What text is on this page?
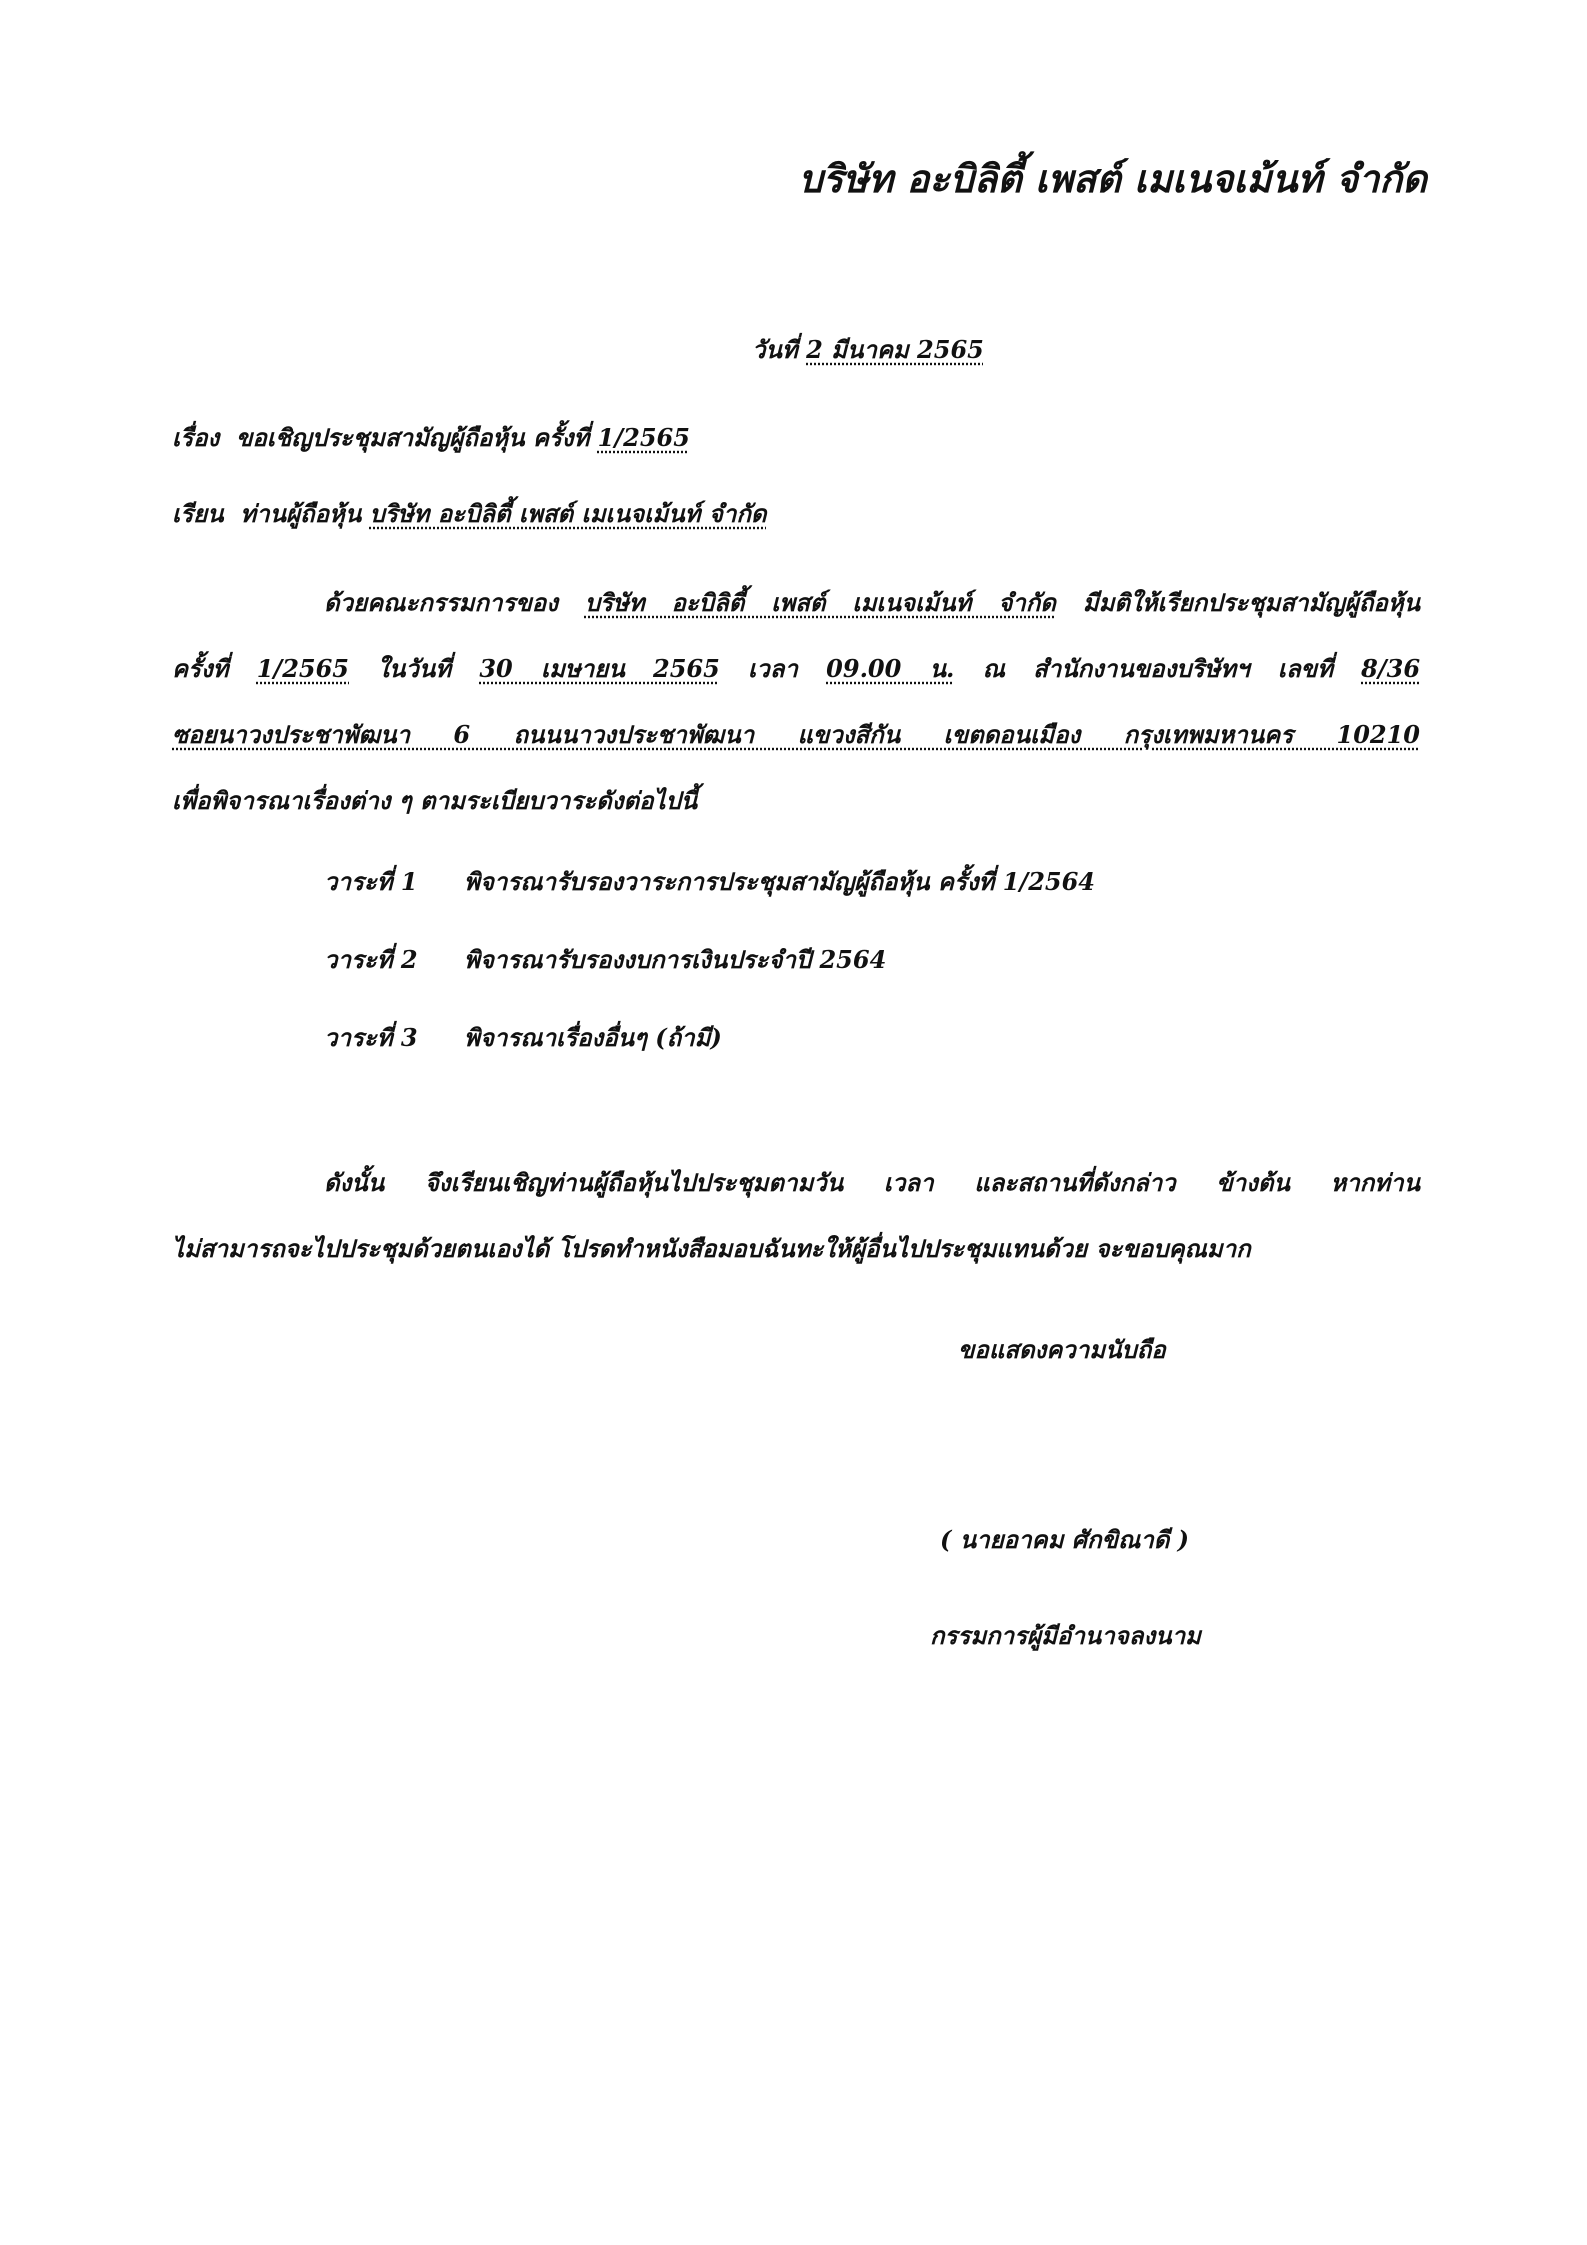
บริษัท อะบิลิตี้ เพสต์ เมเนจเม้นท์ จำกัด
วันที่ 2 มีนาคม 2565
เรื่อง ขอเชิญประชุมสามัญผู้ถือหุ้น ครั้งที่ 1/2565
เรียน ท่านผู้ถือหุ้น บริษัท อะบิลิตี้ เพสต์ เมเนจเม้นท์ จำกัด
ด้วยคณะกรรมการของ บริษัท อะบิลิตี้ เพสต์ เมเนจเม้นท์ จำกัด มีมติให้เรียกประชุมสามัญผู้ถือหุ้น
ครั้งที่ 1/2565 ในวันที่ 30 เมษายน 2565 เวลา 09.00 น. ณ สำนักงานของบริษัทฯ เลขที่ 8/36
ซอยนาวงประชาพัฒนา 6 ถนนนาวงประชาพัฒนา แขวงสีกัน เขตดอนเมือง กรุงเทพมหานคร 10210
เพื่อพิจารณาเรื่องต่าง ๆ ตามระเบียบวาระดังต่อไปนี้
วาระที่ 1 พิจารณารับรองวาระการประชุมสามัญผู้ถือหุ้น ครั้งที่ 1/2564
วาระที่ 2 พิจารณารับรองงบการเงินประจำปี 2564
วาระที่ 3 พิจารณาเรื่องอื่นๆ (ถ้ามี)
ดังนั้น จึงเรียนเชิญท่านผู้ถือหุ้นไปประชุมตามวัน เวลา และสถานที่ดังกล่าว ข้างต้น หากท่าน
ไม่สามารถจะไปประชุมด้วยตนเองได้ โปรดทำหนังสือมอบฉันทะให้ผู้อื่นไปประชุมแทนด้วย จะขอบคุณมาก
ขอแสดงความนับถือ
( นายอาคม ศักขิณาดี )
กรรมการผู้มีอำนาจลงนาม
